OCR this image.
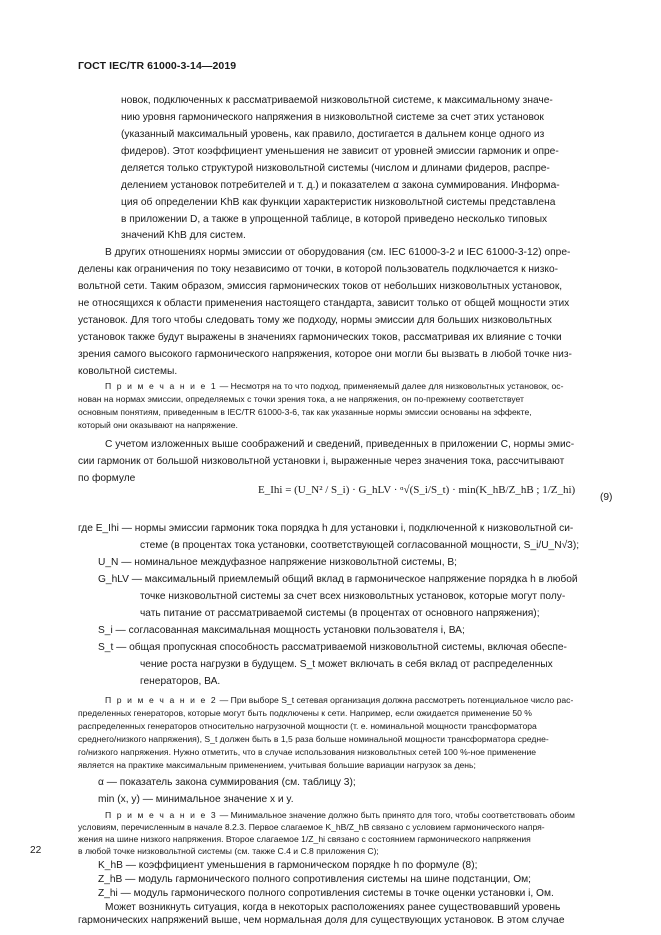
ГОСТ IEC/TR 61000-3-14—2019
новок, подключенных к рассматриваемой низковольтной системе, к максимальному значе-
нию уровня гармонического напряжения в низковольтной системе за счет этих установок
(указанный максимальный уровень, как правило, достигается в дальнем конце одного из
фидеров). Этот коэффициент уменьшения не зависит от уровней эмиссии гармоник и опре-
деляется только структурой низковольтной системы (числом и длинами фидеров, распре-
делением установок потребителей и т. д.) и показателем α закона суммирования. Информа-
ция об определении KhB как функции характеристик низковольтной системы представлена
в приложении D, а также в упрощенной таблице, в которой приведено несколько типовых
значений KhB для систем.
В других отношениях нормы эмиссии от оборудования (см. IEC 61000-3-2 и IEC 61000-3-12) опре-
делены как ограничения по току независимо от точки, в которой пользователь подключается к низко-
вольтной сети. Таким образом, эмиссия гармонических токов от небольших низковольтных установок,
не относящихся к области применения настоящего стандарта, зависит только от общей мощности этих
установок. Для того чтобы следовать тому же подходу, нормы эмиссии для больших низковольтных
установок также будут выражены в значениях гармонических токов, рассматривая их влияние с точки
зрения самого высокого гармонического напряжения, которое они могли бы вызвать в любой точке низ-
ковольтной системы.
П р и м е ч а н и е 1 — Несмотря на то что подход, применяемый далее для низковольтных установок, ос-
нован на нормах эмиссии, определяемых с точки зрения тока, а не напряжения, он по-прежнему соответствует
основным понятиям, приведенным в IEC/TR 61000-3-6, так как указанные нормы эмиссии основаны на эффекте,
который они оказывают на напряжение.
С учетом изложенных выше соображений и сведений, приведенных в приложении C, нормы эмис-
сии гармоник от большой низковольтной установки i, выраженные через значения тока, рассчитывают
по формуле
E_Ihi = (U_N² / S_i) · G_hLV · ᵅ√(S_i/S_t) · min(K_hB/Z_hB ; 1/Z_hi)
(9)
где E_Ihi — нормы эмиссии гармоник тока порядка h для установки i, подключенной к низковольтной си-
стеме (в процентах тока установки, соответствующей согласованной мощности, S_i/U_N√3);
U_N — номинальное междуфазное напряжение низковольтной системы, В;
G_hLV — максимальный приемлемый общий вклад в гармоническое напряжение порядка h в любой
точке низковольтной системы за счет всех низковольтных установок, которые могут полу-
чать питание от рассматриваемой системы (в процентах от основного напряжения);
S_i — согласованная максимальная мощность установки пользователя i, ВА;
S_t — общая пропускная способность рассматриваемой низковольтной системы, включая обеспе-
чение роста нагрузки в будущем. S_t может включать в себя вклад от распределенных
генераторов, ВА.
П р и м е ч а н и е 2 — При выборе S_t сетевая организация должна рассмотреть потенциальное число рас-
пределенных генераторов, которые могут быть подключены к сети. Например, если ожидается применение 50 %
распределенных генераторов относительно нагрузочной мощности (т. е. номинальной мощности трансформатора
среднего/низкого напряжения), S_t должен быть в 1,5 раза больше номинальной мощности трансформатора средне-
го/низкого напряжения. Нужно отметить, что в случае использования низковольтных сетей 100 %-ное применение
является на практике максимальным применением, учитывая большие вариации нагрузок за день;
α — показатель закона суммирования (см. таблицу 3);
min (x, y) — минимальное значение x и y.
П р и м е ч а н и е 3 — Минимальное значение должно быть принято для того, чтобы соответствовать обоим
условиям, перечисленным в начале 8.2.3. Первое слагаемое K_hB/Z_hB связано с условием гармонического напря-
жения на шине низкого напряжения. Второе слагаемое 1/Z_hi связано с состоянием гармонического напряжения
в любой точке низковольтной системы (см. также C.4 и C.8 приложения C);
K_hB — коэффициент уменьшения в гармоническом порядке h по формуле (8);
Z_hB — модуль гармонического полного сопротивления системы на шине подстанции, Ом;
Z_hi — модуль гармонического полного сопротивления системы в точке оценки установки i, Ом.
Может возникнуть ситуация, когда в некоторых расположениях ранее существовавший уровень
гармонических напряжений выше, чем нормальная доля для существующих установок. В этом случае
22
